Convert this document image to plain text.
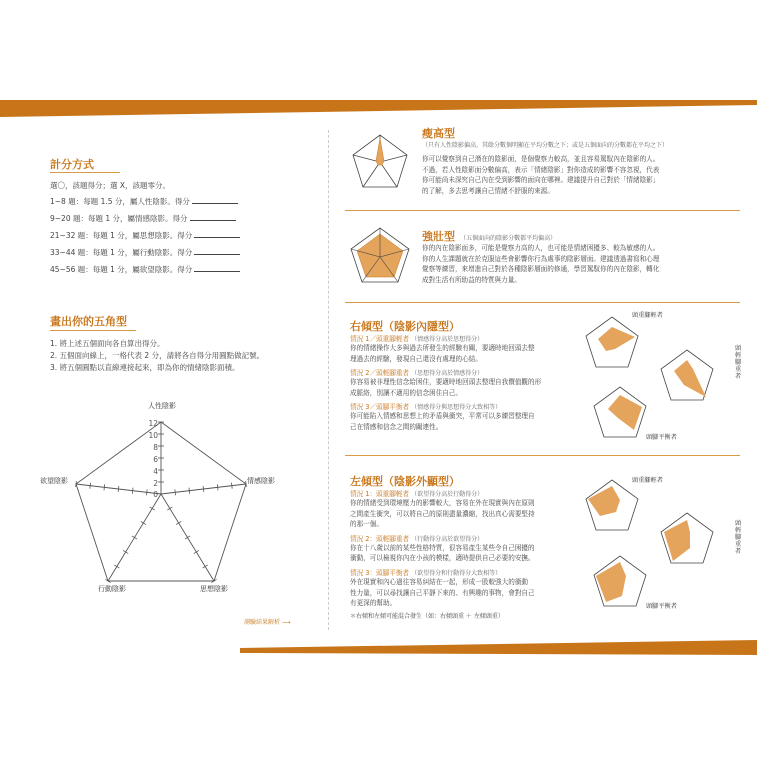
計分方式
選〇，該題得分；選 X，該題零分。
1~8 題：每題 1.5 分，屬人性陰影。得分
9~20 題：每題 1 分，屬情感陰影。得分
21~32 題：每題 1 分，屬思想陰影。得分
33~44 題：每題 1 分，屬行動陰影。得分
45~56 題：每題 1 分，屬欲望陰影。得分
畫出你的五角型
1. 將上述五個面向各自算出得分。
2. 五個面向線上，一格代表 2 分，請將各自得分用圓點做記號。
3. 將五個圓點以直線連接起來，即為你的情緒陰影面積。
12
10
8
6
4
2
0
人性陰影
情感陰影
思想陰影
行動陰影
欲望陰影
測驗結果解析 ⟶
瘦高型
（只有人性陰影偏高，其餘分數個明顯在平均分數之下；或是五個面向的分數都在平均之下）
你可以覺察到自己潛在的陰影面，是個覺察力較高，並且容易駕馭內在陰影的人。
不過，若人性陰影面分數偏高，表示「情緒陰影」對你造成的影響不容忽視，代表
你可能尚未深究自己內在受到影響的面向在哪裡。建議提升自己對於「情緒陰影」
的了解，多去思考讓自己情緒不舒服的來源。
強壯型 （五個面向的陰影分數都平均偏高）
你的內在陰影面多，可能是覺察力高的人，也可能是情緒困擾多、較為敏感的人。
你的人生課題就在於克服這些會影響你行為處事的陰影層面。建議透過書寫和心理
覺察等練習，來增進自己對於各種陰影層面的修通，學習駕馭你的內在陰影，轉化
成對生活有所助益的特質與力量。
右傾型（陰影內隱型）
情況 1／頭重腳輕者 （情感得分高於思想得分）
你的情緒操作大多與過去所發生的經驗有關，要適時地回頭去整
理過去的經驗，發現自己還沒有處理的心結。
情況 2／頭輕腳重者 （思想得分高於情感得分）
你容易被非理性信念給困住，要適時地回頭去整理自我價值觀的形
成脈絡，別讓不適用的信念困住自己。
情況 3／頭腳平衡者 （情感得分與思想得分大致相等）
你可能陷入情感和思想上的矛盾與衝突，平常可以多練習整理自
己在情感和信念之間的關連性。
頭重腳輕者
頭腳平衡者
頭輕腳重者
左傾型（陰影外顯型）
情況 1：頭重腳輕者 （欲望得分高於行動得分）
你的情緒受到環境壓力的影響較大，容易在外在現實與內在原則
之間產生衝突，可以將自己的原則盡量濃縮，找出真心需要堅持
的那一個。
情況 2：頭輕腳重者 （行動得分高於欲望得分）
你在十八歲以前的某些性格特質，很容易產生某些令自己困擾的
衝動，可以檢視你內在小孩的模樣，適時提供自己必要的安撫。
情況 3：頭腳平衡者 （欲望得分和行動得分大致相等）
外在現實和內心過往容易糾結在一起，形成一股較強大的衝動
性力量，可以尋找讓自己平靜下來的、有興趣的事物，會對自己
有更深的幫助。
＊右傾和左傾可能混合發生（如：右傾頭重 ＋ 左傾頭重）
頭重腳輕者
頭腳平衡者
頭輕腳重者
